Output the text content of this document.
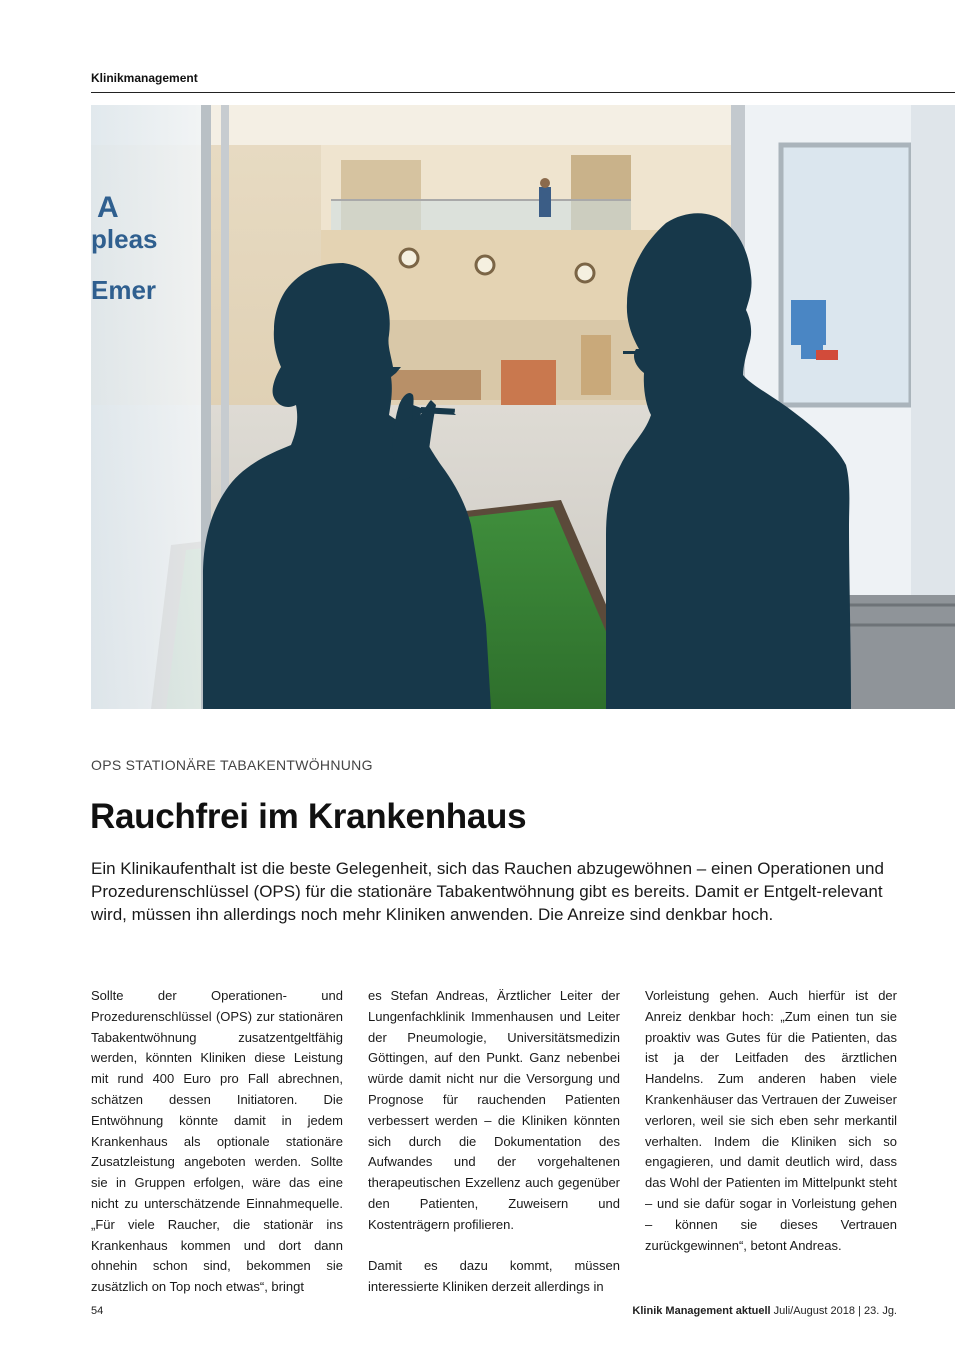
Klinikmanagement
A
pleas
Emer
OPS STATIONÄRE TABAKENTWÖHNUNG
Rauchfrei im Krankenhaus

Ein Klinikaufenthalt ist die beste Gelegenheit, sich das Rauchen abzugewöhnen – einen Operationen und Prozedurenschlüssel (OPS) für die stationäre Tabakentwöhnung gibt es bereits. Damit er Entgelt-relevant wird, müssen ihn allerdings noch mehr Kliniken anwenden. Die Anreize sind denkbar hoch.

Sollte der Operationen- und Prozedurenschlüssel (OPS) zur stationären Tabakentwöhnung zusatzentgeltfähig werden, könnten Kliniken diese Leistung mit rund 400 Euro pro Fall abrechnen, schätzen dessen Initiatoren. Die Entwöhnung könnte damit in jedem Krankenhaus als optionale stationäre Zusatzleistung angeboten werden. Sollte sie in Gruppen erfolgen, wäre das eine nicht zu unterschätzende Einnahmequelle. „Für viele Raucher, die stationär ins Krankenhaus kommen und dort dann ohnehin schon sind, bekommen sie zusätzlich on Top noch etwas“, bringt

es Stefan Andreas, Ärztlicher Leiter der Lungenfachklinik Immenhausen und Leiter der Pneumologie, Universitätsmedizin Göttingen, auf den Punkt. Ganz nebenbei würde damit nicht nur die Versorgung und Prognose für rauchenden Patienten verbessert werden – die Kliniken könnten sich durch die Dokumentation des Aufwandes und der vorgehaltenen therapeutischen Exzellenz auch gegenüber den Patienten, Zuweisern und Kostenträgern profilieren.

Damit es dazu kommt, müssen interessierte Kliniken derzeit allerdings in

Vorleistung gehen. Auch hierfür ist der Anreiz denkbar hoch: „Zum einen tun sie proaktiv was Gutes für die Patienten, das ist ja der Leitfaden des ärztlichen Handelns. Zum anderen haben viele Krankenhäuser das Vertrauen der Zuweiser verloren, weil sie sich eben sehr merkantil verhalten. Indem die Kliniken sich so engagieren, und damit deutlich wird, dass das Wohl der Patienten im Mittelpunkt steht – und sie dafür sogar in Vorleistung gehen – können sie dieses Vertrauen zurückgewinnen“, betont Andreas.

54	Klinik Management aktuell Juli/August 2018 | 23. Jg.
